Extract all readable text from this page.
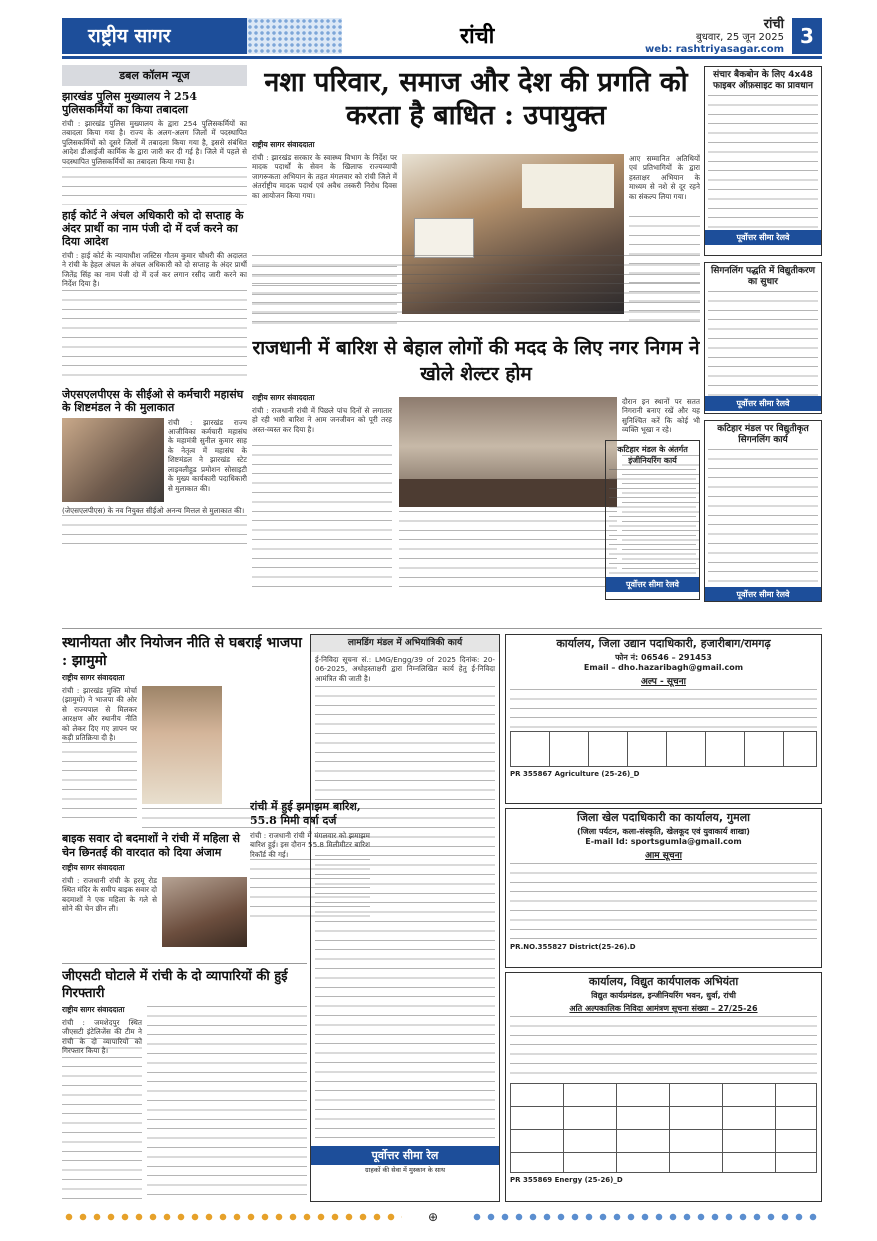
राष्ट्रीय सागर	रांची	रांची
बुधवार, 25 जून 2025
web: rashtriyasagar.com
3
डबल कॉलम न्यूज
झारखंड पुलिस मुख्यालय ने 254 पुलिसकर्मियों का किया तबादला
रांची : झारखंड पुलिस मुख्यालय के द्वारा 254 पुलिसकर्मियों का तबादला किया गया है। राज्य के अलग-अलग जिलों में पदस्थापित पुलिसकर्मियों को दूसरे जिलों में तबादला किया गया है, इससे संबंधित आदेश डीआईजी कार्मिक के द्वारा जारी कर दी गई है। जिले में पहले से पदस्थापित पुलिसकर्मियों का तबादला किया गया है।
हाई कोर्ट ने अंचल अधिकारी को दो सप्ताह के अंदर प्रार्थी का नाम पंजी दो में दर्ज करने का दिया आदेश
रांची : हाई कोर्ट के न्यायाधीश जस्टिस गौतम कुमार चौधरी की अदालत ने रांची के हेहल अंचल के अंचल अधिकारी को दो सप्ताह के अंदर प्रार्थी जितेंद्र सिंह का नाम पंजी दो में दर्ज कर लगान रसीद जारी करने का निर्देश दिया है।
जेएसएलपीएस के सीईओ से कर्मचारी महासंघ के शिष्टमंडल ने की मुलाकात
रांची : झारखंड राज्य आजीविका कर्मचारी महासंघ के महामंत्री सुनील कुमार साह के नेतृत्व में महासंघ के शिष्टमंडल ने झारखंड स्टेट लाइवलीहुड प्रमोशन सोसाइटी के मुख्य कार्यकारी पदाधिकारी से मुलाकात की।
(जेएसएलपीएस) के नव नियुक्त सीईओ अनन्य मित्तल से मुलाकात की।
नशा परिवार, समाज और देश की प्रगति को करता है बाधित : उपायुक्त
राष्ट्रीय सागर संवाददाता
रांची : झारखंड सरकार के स्वास्थ्य विभाग के निर्देश पर मादक पदार्थों के सेवन के खिलाफ राज्यव्यापी जागरूकता अभियान के तहत मंगलवार को रांची जिले में अंतर्राष्ट्रीय मादक पदार्थ एवं अवैध तस्करी निरोध दिवस का आयोजन किया गया।
आए सम्मानित अतिथियों एवं प्रतिभागियों के द्वारा हस्ताक्षर अभियान के माध्यम से नशे से दूर रहने का संकल्प लिया गया।
राजधानी में बारिश से बेहाल लोगों की मदद के लिए नगर निगम ने खोले शेल्टर होम
राष्ट्रीय सागर संवाददाता
रांची : राजधानी रांची में पिछले पांच दिनों से लगातार हो रही भारी बारिश ने आम जनजीवन को पूरी तरह अस्त-व्यस्त कर दिया है।
दौरान इन स्थानों पर सतत निगरानी बनाए रखें और यह सुनिश्चित करें कि कोई भी व्यक्ति भूखा न रहे।
संचार बैकबोन के लिए 4x48 फाइबर ऑफ़साइट का प्रावधान
पूर्वोत्तर सीमा रेलवे
सिगनलिंग पद्धति में विद्युतीकरण का सुधार
पूर्वोत्तर सीमा रेलवे
कटिहार मंडल पर विद्युतीकृत सिगनलिंग कार्य
पूर्वोत्तर सीमा रेलवे
कटिहार मंडल के अंतर्गत इंजीनियरिंग कार्य
पूर्वोत्तर सीमा रेलवे
स्थानीयता और नियोजन नीति से घबराई भाजपा : झामुमो
राष्ट्रीय सागर संवाददाता
रांची : झारखंड मुक्ति मोर्चा (झामुमो) ने भाजपा की ओर से राज्यपाल से मिलकर आरक्षण और स्थानीय नीति को लेकर दिए गए ज्ञापन पर कड़ी प्रतिक्रिया दी है।
बाइक सवार दो बदमाशों ने रांची में महिला से चेन छिनतई की वारदात को दिया अंजाम
राष्ट्रीय सागर संवाददाता
रांची : राजधानी रांची के हरमू रोड स्थित मंदिर के समीप बाइक सवार दो बदमाशों ने एक महिला के गले से सोने की चेन छीन ली।
रांची में हुई झमाझम बारिश, 55.8 मिमी वर्षा दर्ज
रांची : राजधानी रांची में मंगलवार को झमाझम बारिश हुई। इस दौरान 55.8 मिलीमीटर बारिश रिकॉर्ड की गई।
जीएसटी घोटाले में रांची के दो व्यापारियों की हुई गिरफ्तारी
राष्ट्रीय सागर संवाददाता
रांची : जमशेदपुर स्थित जीएसटी इंटेलिजेंस की टीम ने रांची के दो व्यापारियों को गिरफ्तार किया है।
लामडिंग मंडल में अभियांत्रिकी कार्य
ई-निविदा सूचना सं.: LMG/Engg/39 of 2025 दिनांक: 20-06-2025, अधोहस्ताक्षरी द्वारा निम्नलिखित कार्य हेतु ई-निविदा आमंत्रित की जाती है।
पूर्वोत्तर सीमा रेल
ग्राहकों की सेवा में मुस्कान के साथ
कार्यालय, जिला उद्यान पदाधिकारी, हजारीबाग/रामगढ़
फोन नं: 06546 – 291453
Email – dho.hazaribagh@gmail.com
अल्प - सूचना
PR 355867 Agriculture (25-26)_D
जिला खेल पदाधिकारी का कार्यालय, गुमला
(जिला पर्यटन, कला-संस्कृति, खेलकूद एवं युवाकार्य शाखा)
E-mail Id: sportsgumla@gmail.com
आम सूचना
PR.NO.355827 District(25-26).D
कार्यालय, विद्युत कार्यपालक अभियंता
विद्युत कार्यप्रमंडल, इन्जीनियरिंग भवन, धुर्वा, रांची
अति अल्पकालिक निविदा आमंत्रण सूचना संख्या – 27/25-26
PR 355869 Energy (25-26)_D
⊕
